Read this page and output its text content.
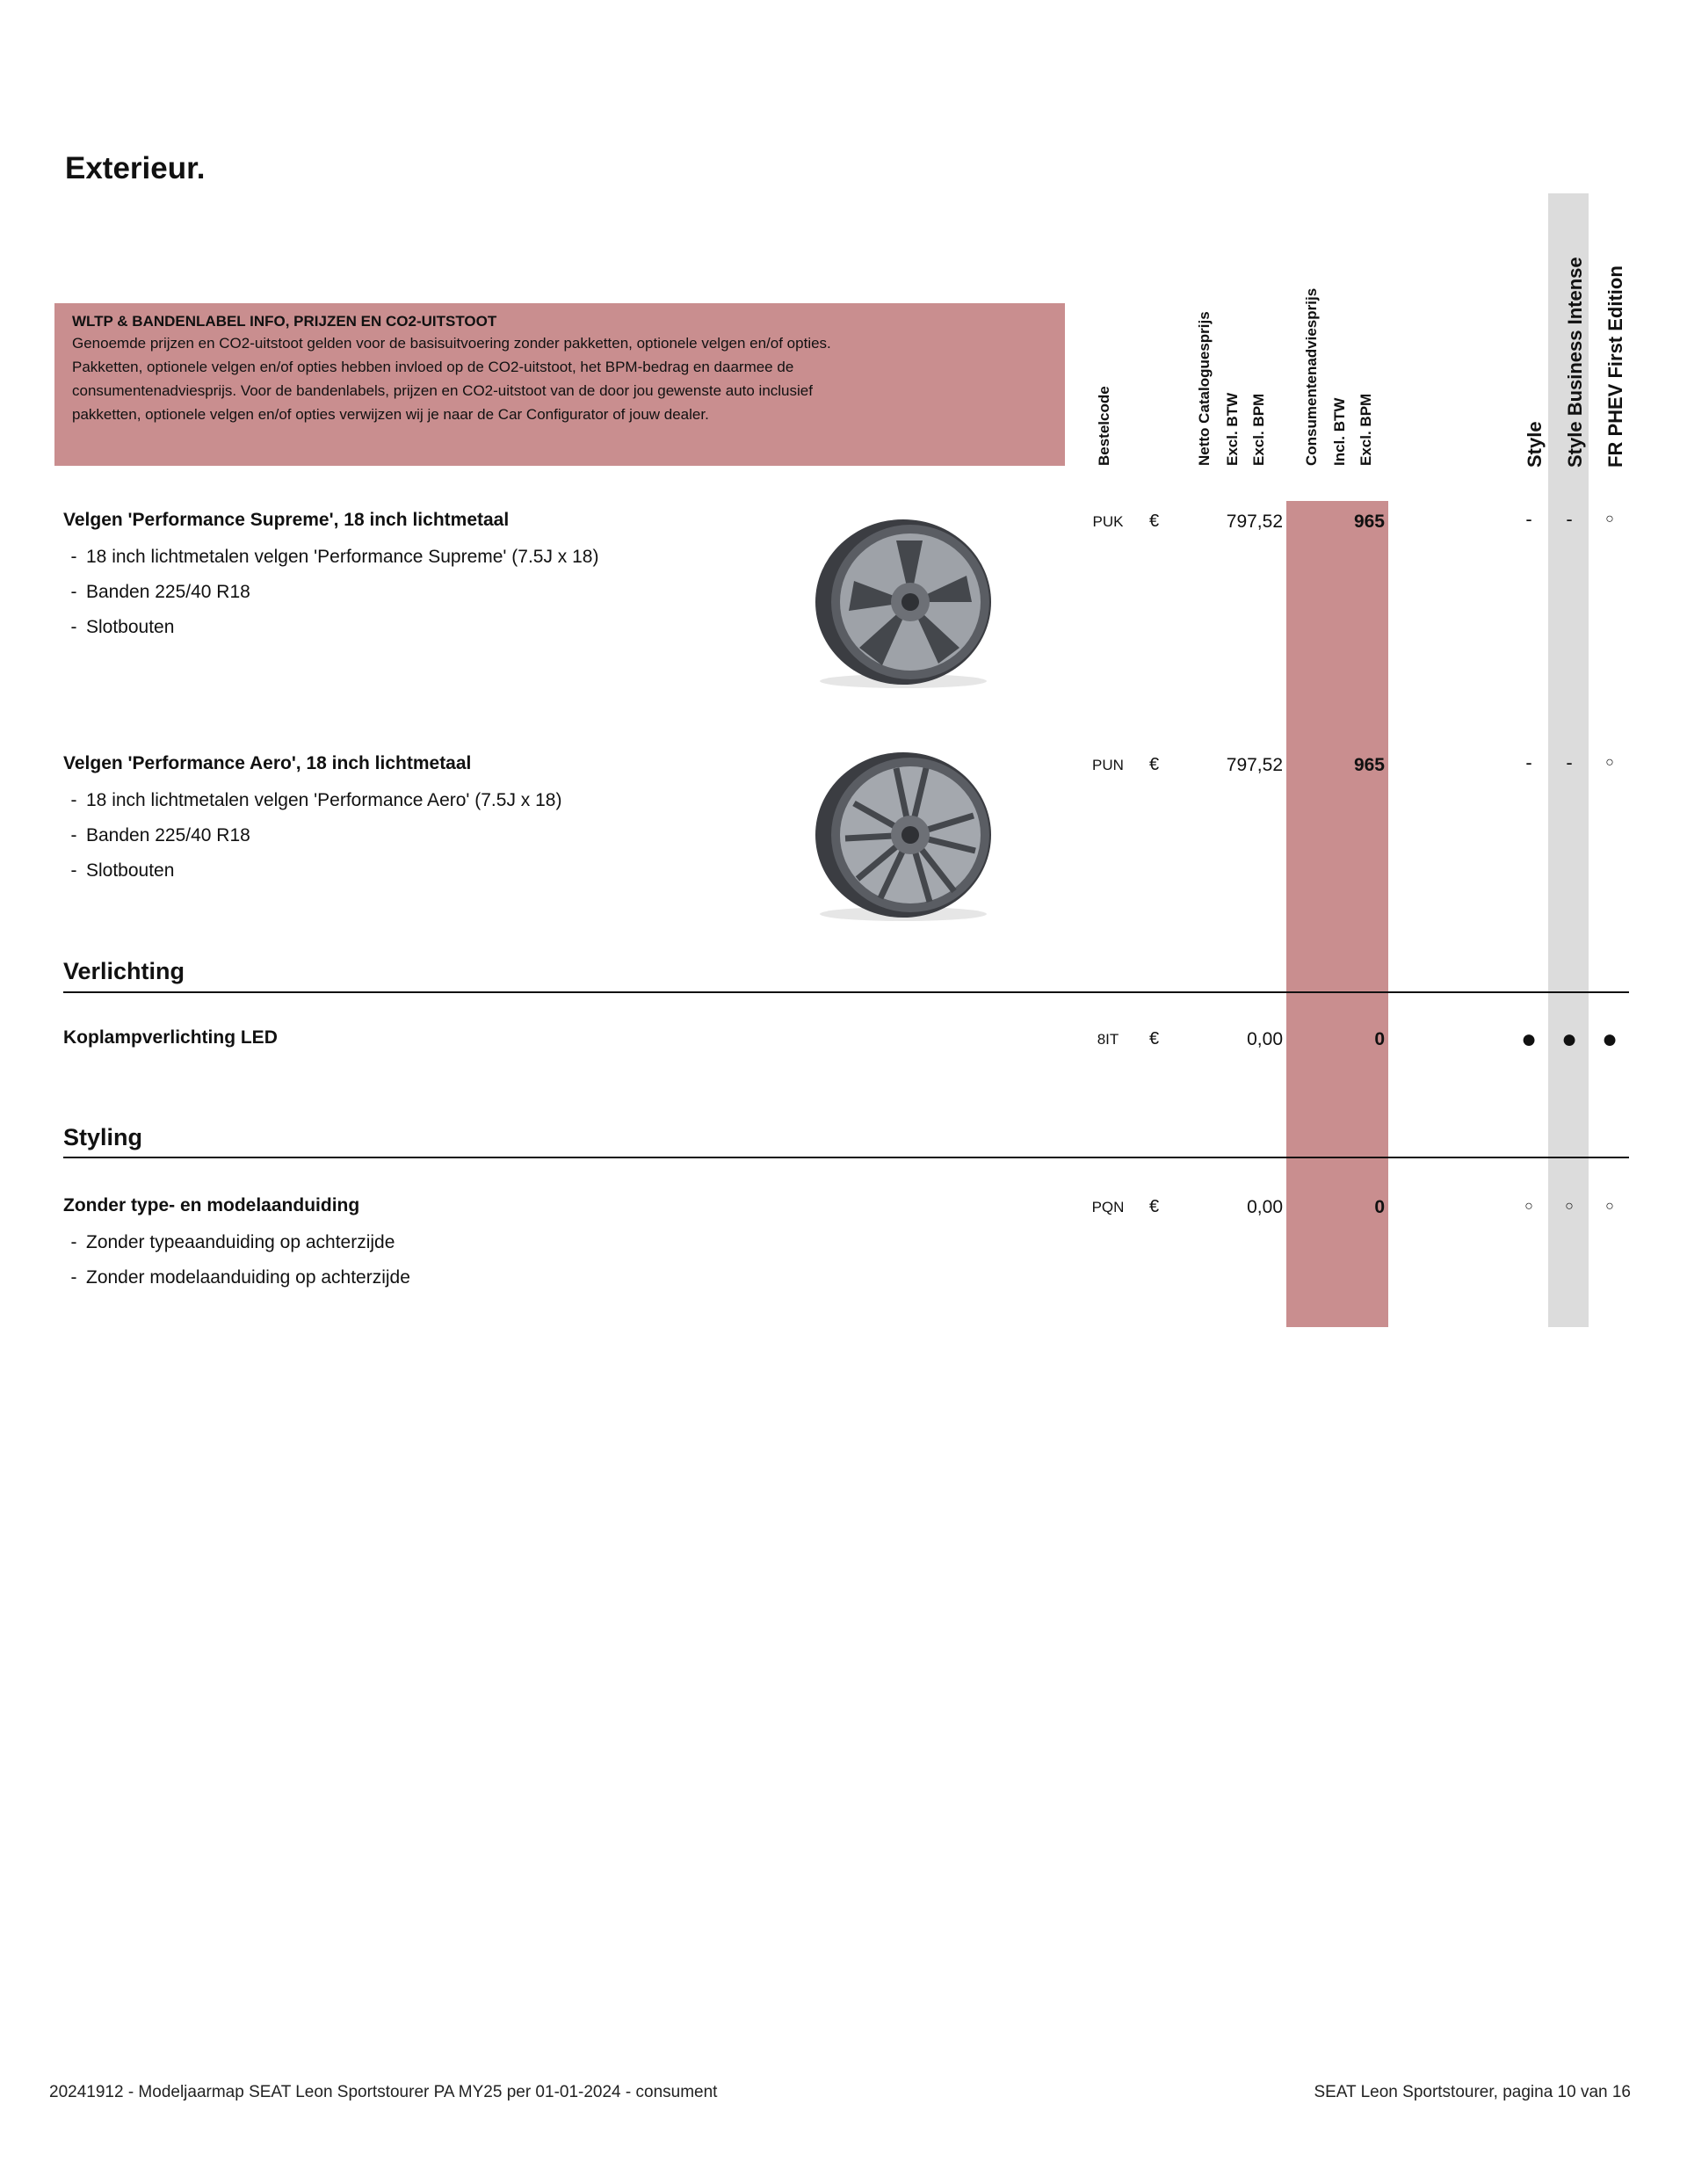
Exterieur.
WLTP & BANDENLABEL INFO, PRIJZEN EN CO2-UITSTOOT
Genoemde prijzen en CO2-uitstoot gelden voor de basisuitvoering zonder pakketten, optionele velgen en/of opties.
Pakketten, optionele velgen en/of opties hebben invloed op de CO2-uitstoot, het BPM-bedrag en daarmee de
consumentenadviesprijs. Voor de bandenlabels, prijzen en CO2-uitstoot van de door jou gewenste auto inclusief
pakketten, optionele velgen en/of opties verwijzen wij je naar de Car Configurator of jouw dealer.	Bestelcode	Netto Cataloguesprijs Excl. BTW Excl. BPM Consumentenadviesprijs Incl. BTW Excl. BPM	Style Style Business Intense FR PHEV First Edition
Velgen 'Performance Supreme', 18 inch lichtmetaal
- 18 inch lichtmetalen velgen 'Performance Supreme' (7.5J x 18)
- Banden 225/40 R18
- Slotbouten
PUK	€	797,52	965	-	-	○
Velgen 'Performance Aero', 18 inch lichtmetaal
- 18 inch lichtmetalen velgen 'Performance Aero' (7.5J x 18)
- Banden 225/40 R18
- Slotbouten
PUN	€	797,52	965	-	-	○
Verlichting
Koplampverlichting LED	8IT	€	0,00	0	● ● ●
Styling
Zonder type- en modelaanduiding
- Zonder typeaanduiding op achterzijde
- Zonder modelaanduiding op achterzijde
PQN	€	0,00	0	○	○	○
20241912 - Modeljaarmap SEAT Leon Sportstourer PA MY25 per 01-01-2024 - consument	SEAT Leon Sportstourer, pagina 10 van 16
